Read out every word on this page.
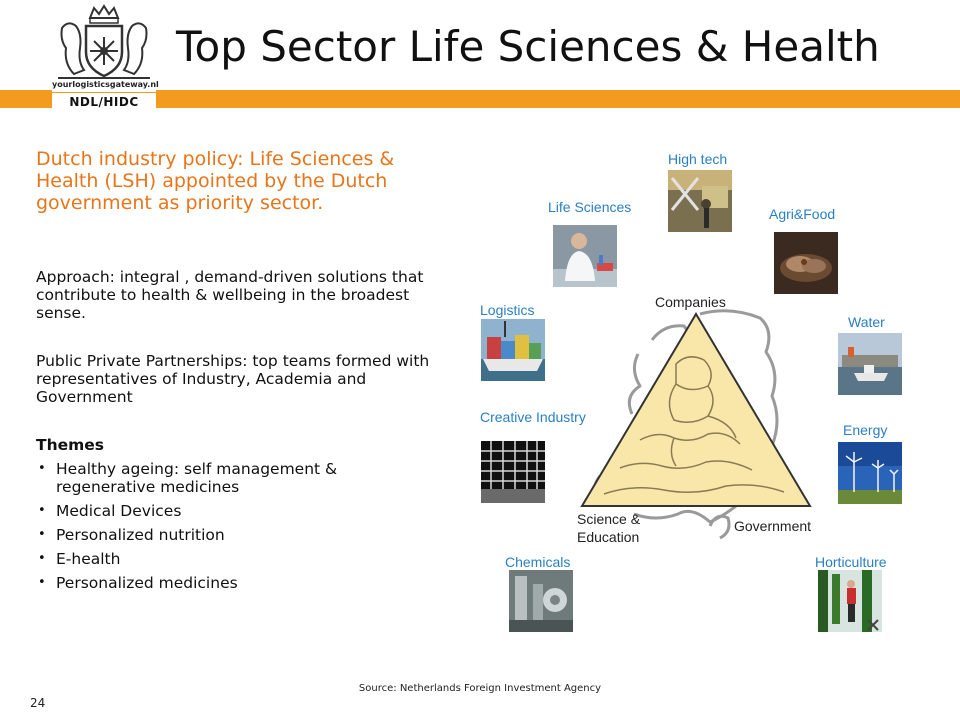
yourlogisticsgateway.nl
NDL/HIDC
Top Sector Life Sciences & Health
Dutch industry policy: Life Sciences & Health (LSH) appointed by the Dutch government as priority sector.
Approach: integral , demand-driven solutions that contribute to health & wellbeing in the broadest sense.
Public Private Partnerships: top teams formed with representatives of Industry, Academia and Government
Themes
• Healthy ageing: self management & regenerative medicines
• Medical Devices
• Personalized nutrition
• E-health
• Personalized medicines
Companies
Science & Education
Government
High tech
Life Sciences	Agri&Food
Logistics
Water
Creative Industry
Energy
Chemicals	Horticulture
Source: Netherlands Foreign Investment Agency
24
